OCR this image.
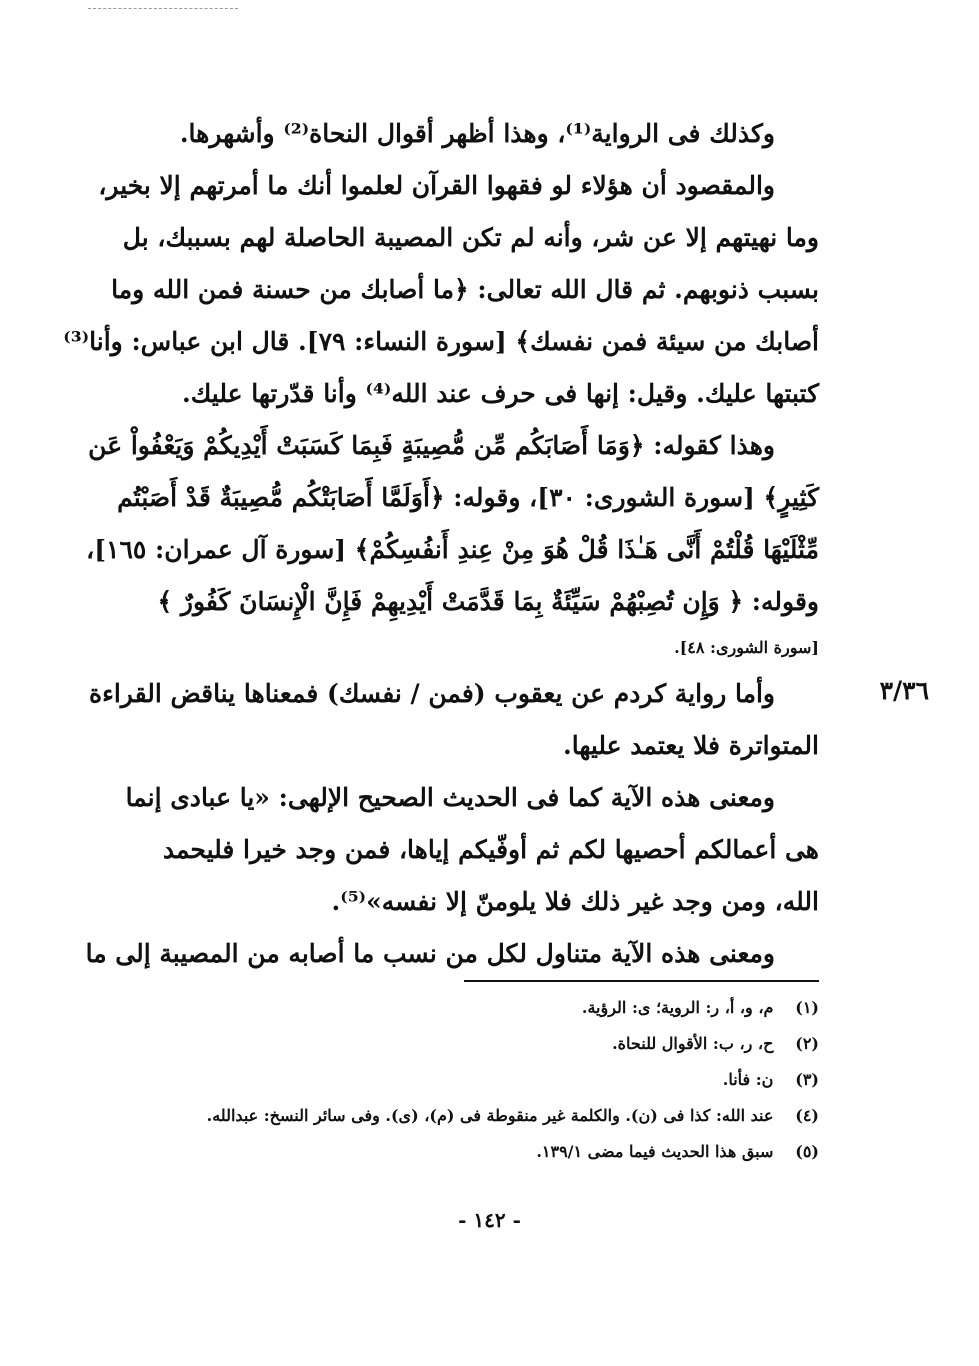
٣/٣٦
وكذلك فى الرواية⁽¹⁾، وهذا أظهر أقوال النحاة⁽²⁾ وأشهرها.
والمقصود أن هؤلاء لو فقهوا القرآن لعلموا أنك ما أمرتهم إلا بخير،
وما نهيتهم إلا عن شر، وأنه لم تكن المصيبة الحاصلة لهم بسببك، بل
بسبب ذنوبهم. ثم قال الله تعالى: ﴿ما أصابك من حسنة فمن الله وما
أصابك من سيئة فمن نفسك﴾ [سورة النساء: ٧٩]. قال ابن عباس: وأنا⁽³⁾
كتبتها عليك. وقيل: إنها فى حرف عند الله⁽⁴⁾ وأنا قدّرتها عليك.
وهذا كقوله: ﴿وَمَا أَصَابَكُم مِّن مُّصِيبَةٍ فَبِمَا كَسَبَتْ أَيْدِيكُمْ وَيَعْفُواْ عَن
كَثِيرٍ﴾ [سورة الشورى: ٣٠]، وقوله: ﴿أَوَلَمَّا أَصَابَتْكُم مُّصِيبَةٌ قَدْ أَصَبْتُم
مِّثْلَيْهَا قُلْتُمْ أَنَّى هَـٰذَا قُلْ هُوَ مِنْ عِندِ أَنفُسِكُمْ﴾ [سورة آل عمران: ١٦٥]،
وقوله: ﴿ وَإِن تُصِبْهُمْ سَيِّئَةٌ بِمَا قَدَّمَتْ أَيْدِيهِمْ فَإِنَّ الْإِنسَانَ كَفُورٌ ﴾
[سورة الشورى: ٤٨].
وأما رواية كردم عن يعقوب (فمن / نفسك) فمعناها يناقض القراءة
المتواترة فلا يعتمد عليها.
ومعنى هذه الآية كما فى الحديث الصحيح الإلهى: «يا عبادى إنما
هى أعمالكم أحصيها لكم ثم أوفّيكم إياها، فمن وجد خيرا فليحمد
الله، ومن وجد غير ذلك فلا يلومنّ إلا نفسه»⁽⁵⁾.
ومعنى هذه الآية متناول لكل من نسب ما أصابه من المصيبة إلى ما
(١) م، و، أ، ر: الروية؛ ى: الرؤية.
(٢) ح، ر، ب: الأقوال للنحاة.
(٣) ن: فأنا.
(٤) عند الله: كذا فى (ن). والكلمة غير منقوطة فى (م)، (ى). وفى سائر النسخ: عبدالله.
(٥) سبق هذا الحديث فيما مضى ١٣٩/١.
- ١٤٢ -
